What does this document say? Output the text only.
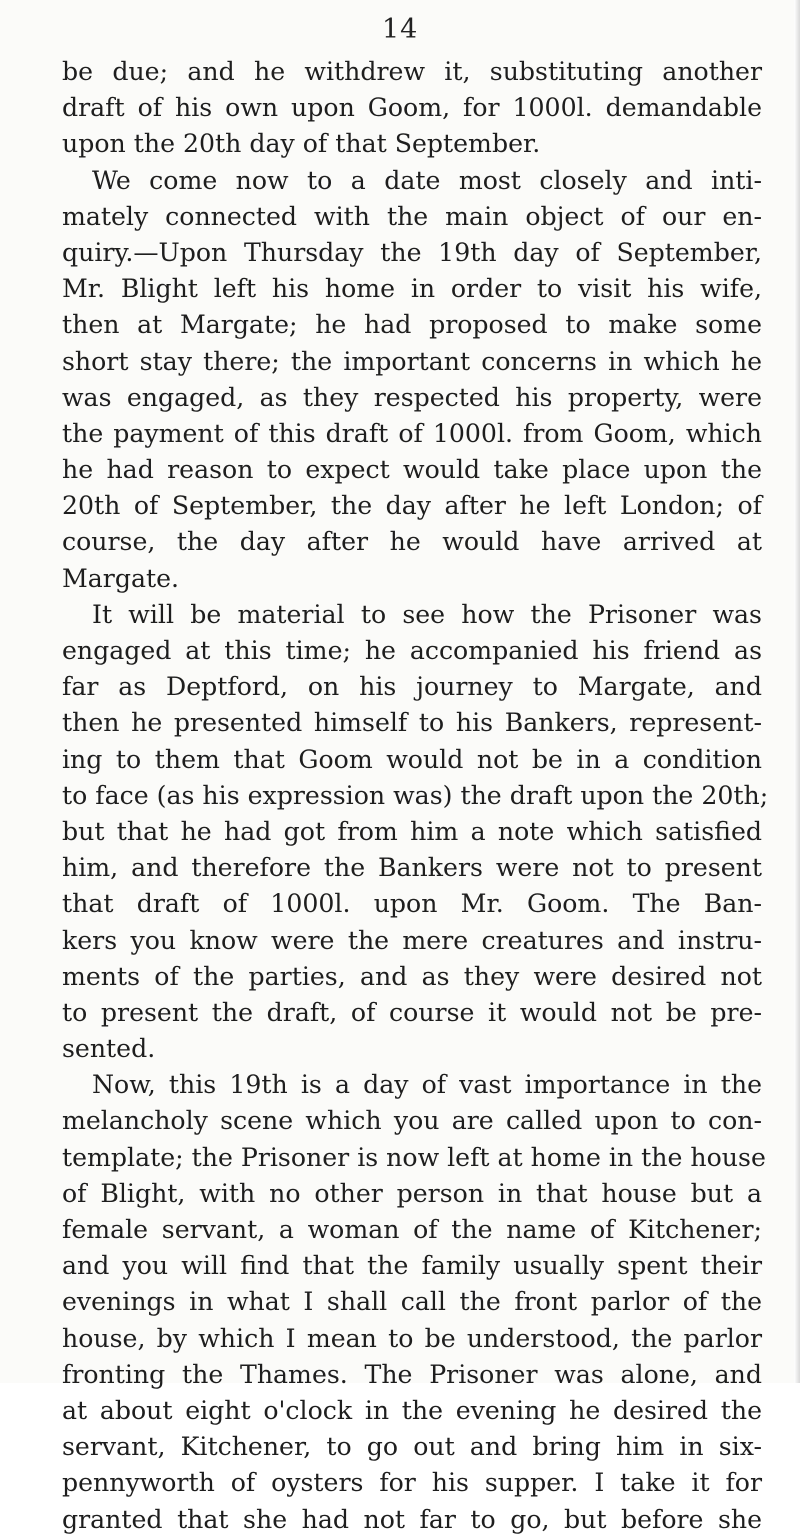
14
be due; and he withdrew it, substituting another
draft of his own upon Goom, for 1000l. demandable
upon the 20th day of that September.
We come now to a date most closely and inti-
mately connected with the main object of our en-
quiry.—Upon Thursday the 19th day of September,
Mr. Blight left his home in order to visit his wife,
then at Margate; he had proposed to make some
short stay there; the important concerns in which he
was engaged, as they respected his property, were
the payment of this draft of 1000l. from Goom, which
he had reason to expect would take place upon the
20th of September, the day after he left London; of
course, the day after he would have arrived at
Margate.
It will be material to see how the Prisoner was
engaged at this time; he accompanied his friend as
far as Deptford, on his journey to Margate, and
then he presented himself to his Bankers, represent-
ing to them that Goom would not be in a condition
to face (as his expression was) the draft upon the 20th;
but that he had got from him a note which satisfied
him, and therefore the Bankers were not to present
that draft of 1000l. upon Mr. Goom. The Ban-
kers you know were the mere creatures and instru-
ments of the parties, and as they were desired not
to present the draft, of course it would not be pre-
sented.
Now, this 19th is a day of vast importance in the
melancholy scene which you are called upon to con-
template; the Prisoner is now left at home in the house
of Blight, with no other person in that house but a
female servant, a woman of the name of Kitchener;
and you will find that the family usually spent their
evenings in what I shall call the front parlor of the
house, by which I mean to be understood, the parlor
fronting the Thames. The Prisoner was alone, and
at about eight o'clock in the evening he desired the
servant, Kitchener, to go out and bring him in six-
pennyworth of oysters for his supper. I take it for
granted that she had not far to go, but before she
